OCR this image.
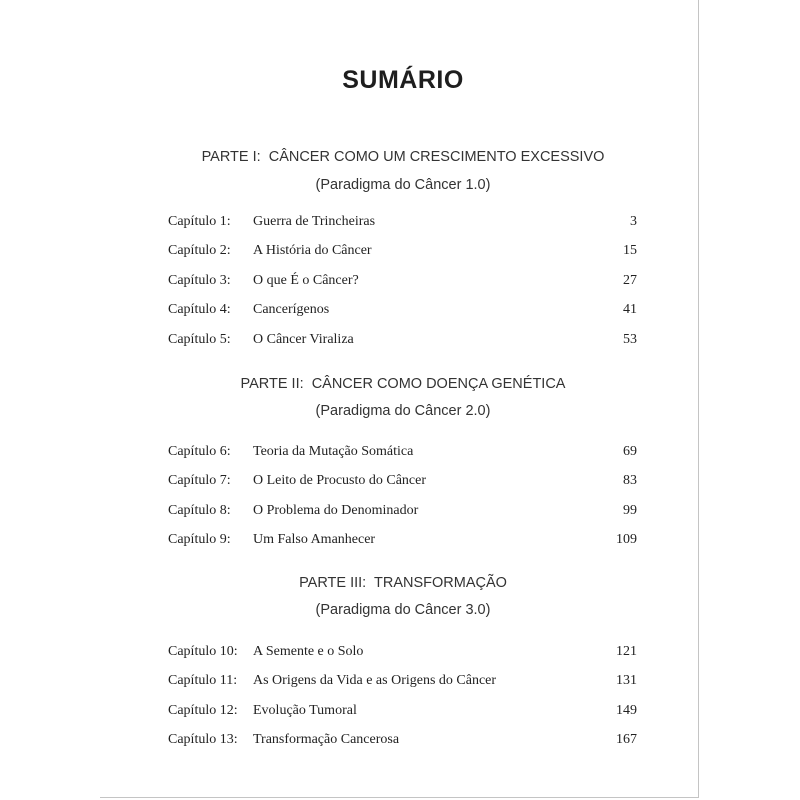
SUMÁRIO
PARTE I:  CÂNCER COMO UM CRESCIMENTO EXCESSIVO
(Paradigma do Câncer 1.0)
Capítulo 1: Guerra de Trincheiras	3
Capítulo 2: A História do Câncer	15
Capítulo 3: O que É o Câncer?	27
Capítulo 4: Cancerígenos	41
Capítulo 5: O Câncer Viraliza	53
PARTE II:  CÂNCER COMO DOENÇA GENÉTICA
(Paradigma do Câncer 2.0)
Capítulo 6: Teoria da Mutação Somática	69
Capítulo 7: O Leito de Procusto do Câncer	83
Capítulo 8: O Problema do Denominador	99
Capítulo 9: Um Falso Amanhecer	109
PARTE III:  TRANSFORMAÇÃO
(Paradigma do Câncer 3.0)
Capítulo 10: A Semente e o Solo	121
Capítulo 11: As Origens da Vida e as Origens do Câncer	131
Capítulo 12: Evolução Tumoral	149
Capítulo 13: Transformação Cancerosa	167
